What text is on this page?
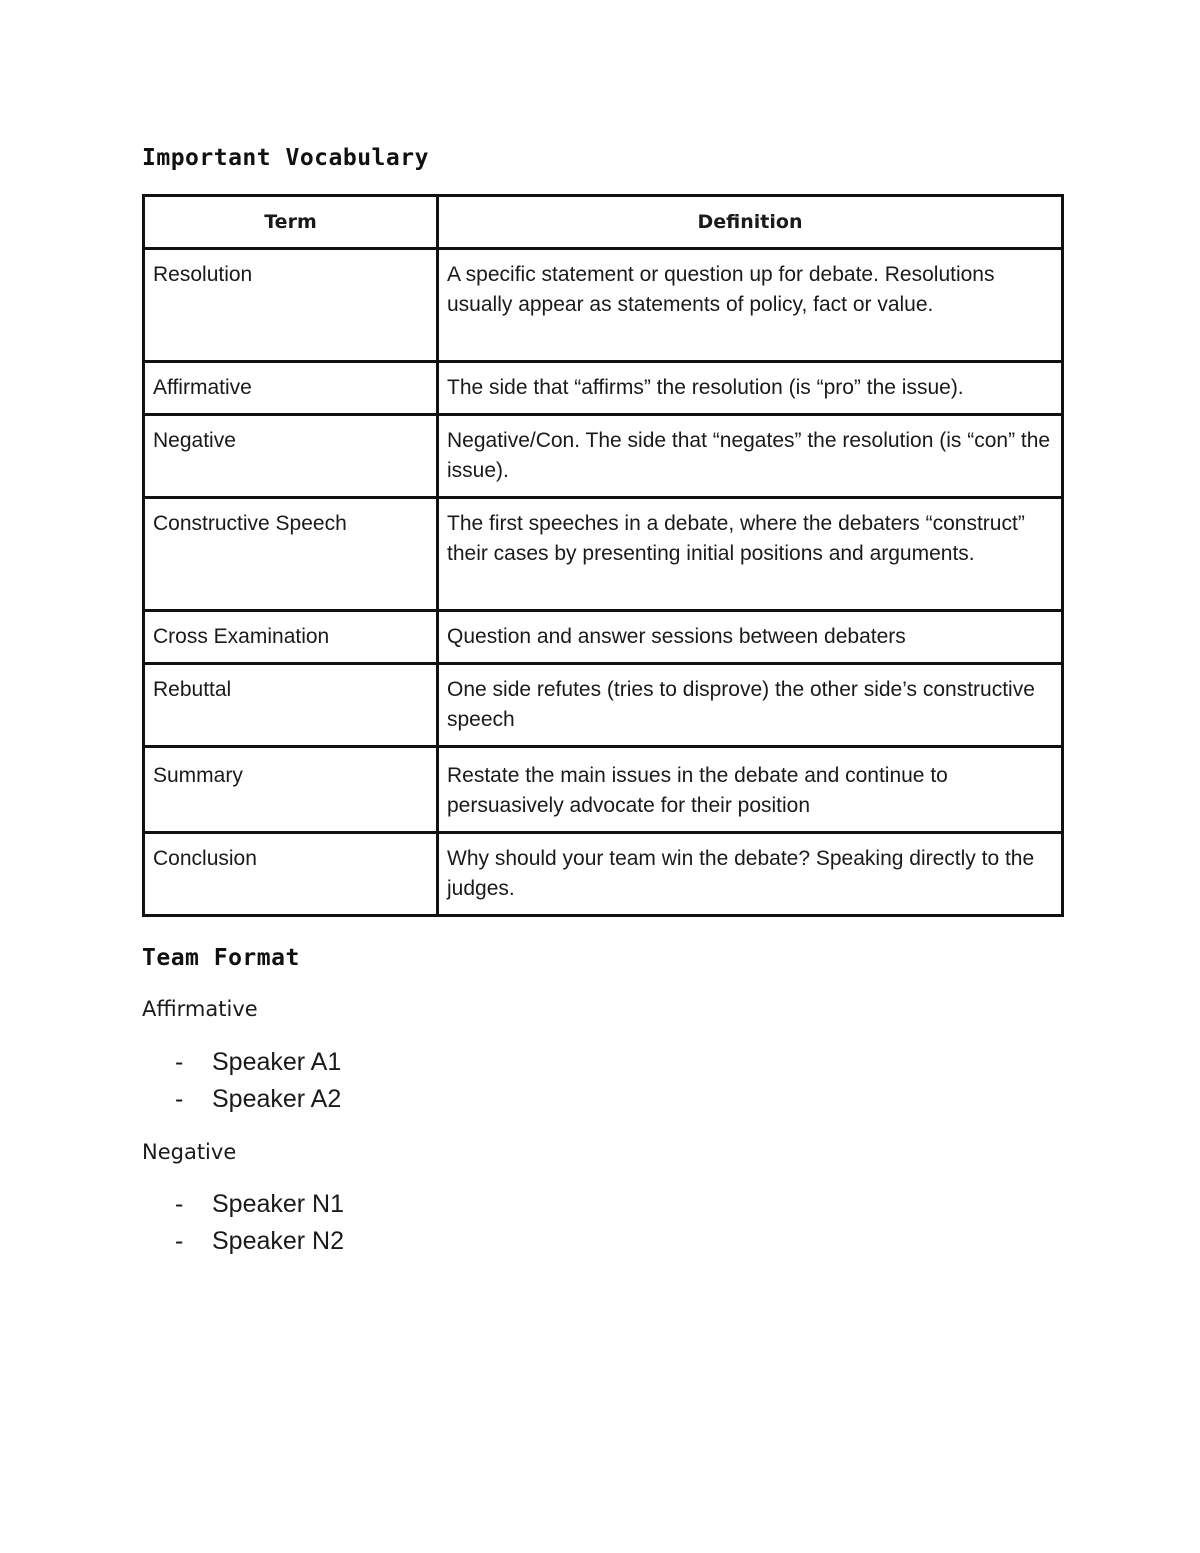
Important Vocabulary
Term	Definition
Resolution	A specific statement or question up for debate. Resolutions usually appear as statements of policy, fact or value.
Affirmative	The side that “affirms” the resolution (is “pro” the issue).
Negative	Negative/Con. The side that “negates” the resolution (is “con” the issue).
Constructive Speech	The first speeches in a debate, where the debaters “construct” their cases by presenting initial positions and arguments.
Cross Examination	Question and answer sessions between debaters
Rebuttal	One side refutes (tries to disprove) the other side’s constructive speech
Summary	Restate the main issues in the debate and continue to persuasively advocate for their position
Conclusion	Why should your team win the debate? Speaking directly to the judges.
Team Format
Affirmative
- Speaker A1
- Speaker A2
Negative
- Speaker N1
- Speaker N2
